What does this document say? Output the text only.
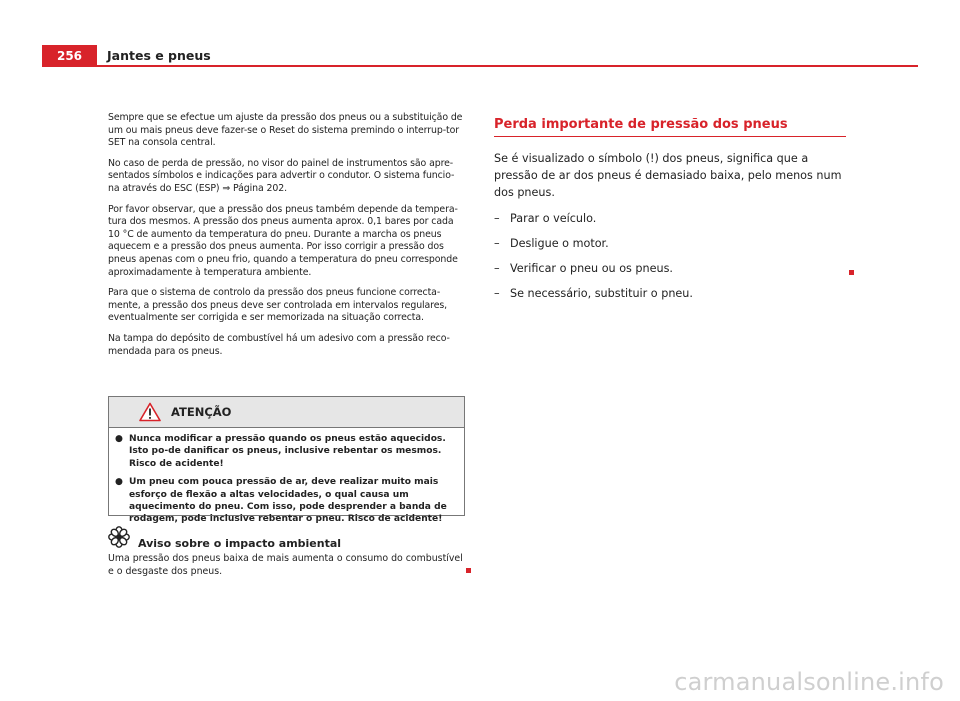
256	Jantes e pneus

Sempre que se efectue um ajuste da pressão dos pneus ou a substituição de um ou mais pneus deve fazer-se o Reset do sistema premindo o interrup-tor SET na consola central.

No caso de perda de pressão, no visor do painel de instrumentos são apre-sentados símbolos e indicações para advertir o condutor. O sistema funcio-na através do ESC (ESP) ⇒ Página 202.

Por favor observar, que a pressão dos pneus também depende da tempera-tura dos mesmos. A pressão dos pneus aumenta aprox. 0,1 bares por cada 10 °C de aumento da temperatura do pneu. Durante a marcha os pneus aquecem e a pressão dos pneus aumenta. Por isso corrigir a pressão dos pneus apenas com o pneu frio, quando a temperatura do pneu corresponde aproximadamente à temperatura ambiente.

Para que o sistema de controlo da pressão dos pneus funcione correcta-mente, a pressão dos pneus deve ser controlada em intervalos regulares, eventualmente ser corrigida e ser memorizada na situação correcta.

Na tampa do depósito de combustível há um adesivo com a pressão reco-mendada para os pneus.

ATENÇÃO
● Nunca modificar a pressão quando os pneus estão aquecidos. Isto po-de danificar os pneus, inclusive rebentar os mesmos. Risco de acidente!
● Um pneu com pouca pressão de ar, deve realizar muito mais esforço de flexão a altas velocidades, o qual causa um aquecimento do pneu. Com isso, pode desprender a banda de rodagem, pode inclusive rebentar o pneu. Risco de acidente!
Aviso sobre o impacto ambiental
Uma pressão dos pneus baixa de mais aumenta o consumo do combustível e o desgaste dos pneus.
Perda importante de pressão dos pneus

Se é visualizado o símbolo (!) dos pneus, significa que a pressão de ar dos pneus é demasiado baixa, pelo menos num dos pneus.

– Parar o veículo.
– Desligue o motor.
– Verificar o pneu ou os pneus.
– Se necessário, substituir o pneu.
carmanualsonline.info
